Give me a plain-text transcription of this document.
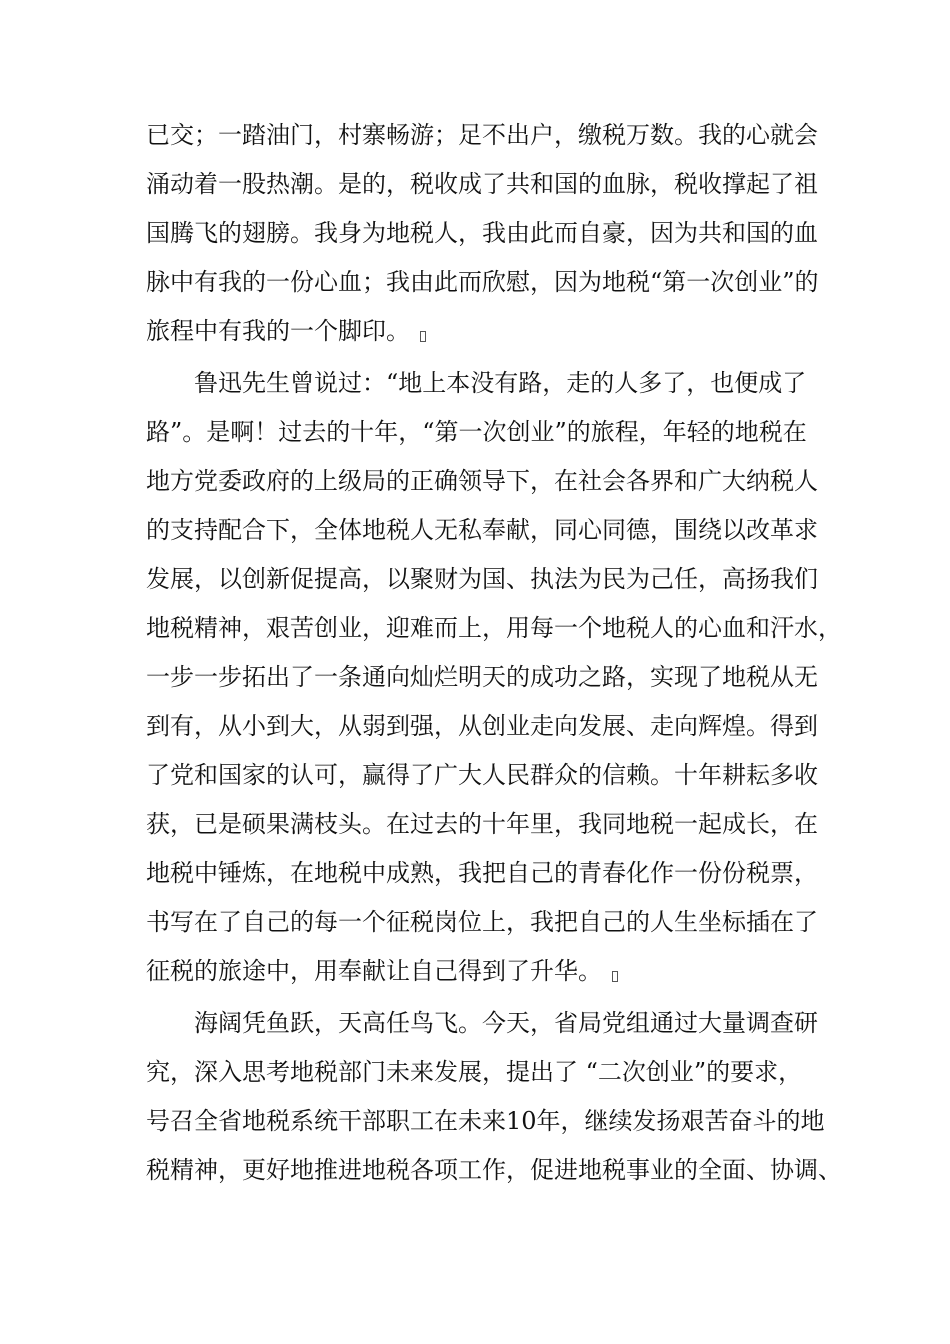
已交；一踏油门，村寨畅游；足不出户，缴税万数。我的心就会
涌动着一股热潮。是的，税收成了共和国的血脉，税收撑起了祖
国腾飞的翅膀。我身为地税人，我由此而自豪，因为共和国的血
脉中有我的一份心血；我由此而欣慰，因为地税“第一次创业”的
旅程中有我的一个脚印。
鲁迅先生曾说过：“地上本没有路，走的人多了，也便成了
路”。是啊！过去的十年，“第一次创业”的旅程，年轻的地税在
地方党委政府的上级局的正确领导下，在社会各界和广大纳税人
的支持配合下，全体地税人无私奉献，同心同德，围绕以改革求
发展，以创新促提高，以聚财为国、执法为民为己任，高扬我们
地税精神，艰苦创业，迎难而上，用每一个地税人的心血和汗水，
一步一步拓出了一条通向灿烂明天的成功之路，实现了地税从无
到有，从小到大，从弱到强，从创业走向发展、走向辉煌。得到
了党和国家的认可，赢得了广大人民群众的信赖。十年耕耘多收
获，已是硕果满枝头。在过去的十年里，我同地税一起成长，在
地税中锤炼，在地税中成熟，我把自己的青春化作一份份税票，
书写在了自己的每一个征税岗位上，我把自己的人生坐标插在了
征税的旅途中，用奉献让自己得到了升华。
海阔凭鱼跃，天高任鸟飞。今天，省局党组通过大量调查研
究，深入思考地税部门未来发展，提出了 “二次创业”的要求，
号召全省地税系统干部职工在未来10年，继续发扬艰苦奋斗的地
税精神，更好地推进地税各项工作，促进地税事业的全面、协调、
